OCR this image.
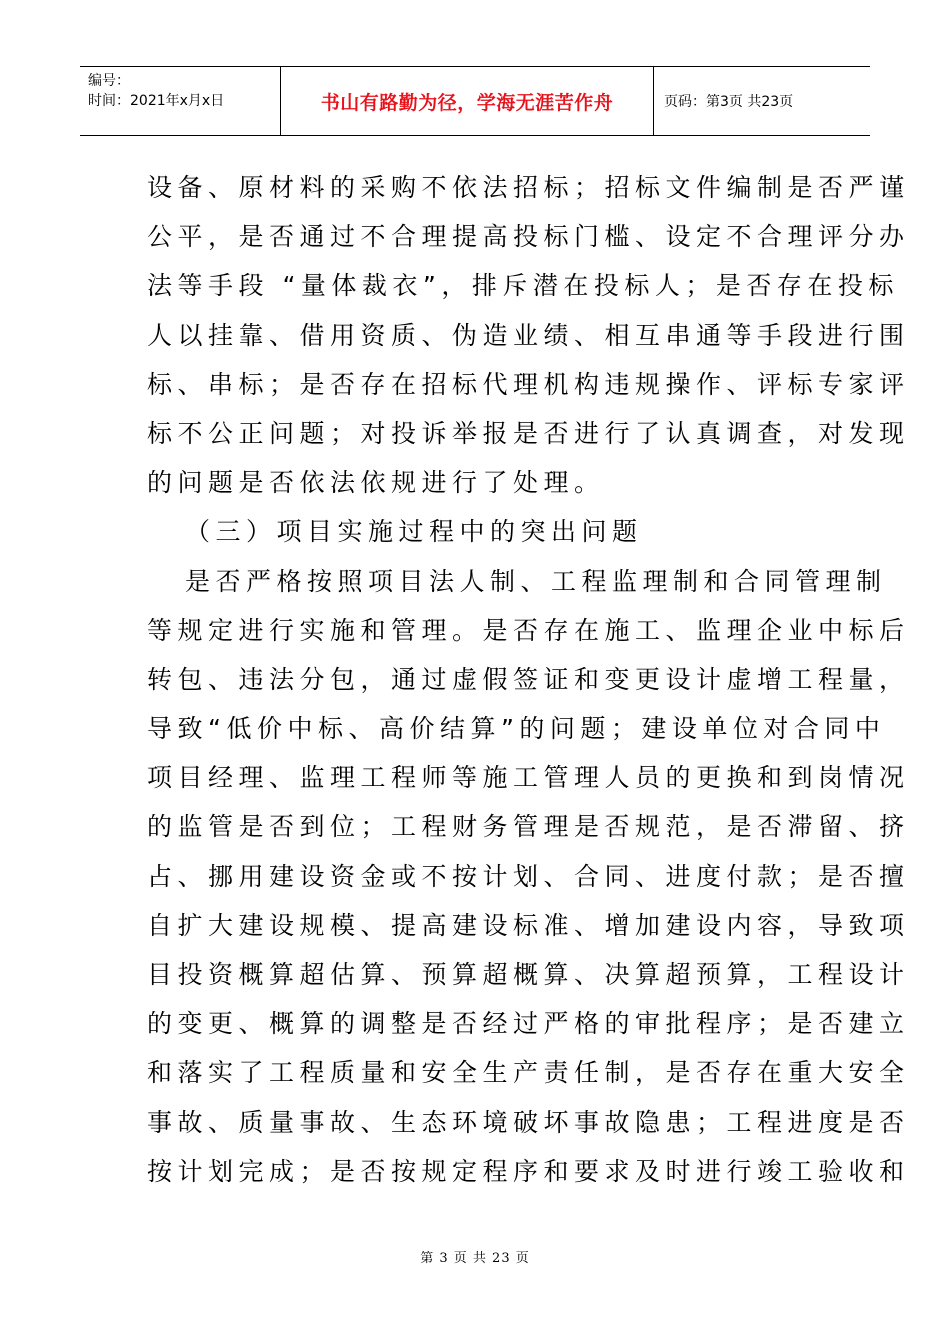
编号：
时间：2021年x月x日	书山有路勤为径，学海无涯苦作舟	页码：第3页 共23页
设备、原材料的采购不依法招标；招标文件编制是否严谨
公平，是否通过不合理提高投标门槛、设定不合理评分办
法等手段 “量体裁衣”，排斥潜在投标人；是否存在投标
人以挂靠、借用资质、伪造业绩、相互串通等手段进行围
标、串标；是否存在招标代理机构违规操作、评标专家评
标不公正问题；对投诉举报是否进行了认真调查，对发现
的问题是否依法依规进行了处理。
（三）项目实施过程中的突出问题
是否严格按照项目法人制、工程监理制和合同管理制
等规定进行实施和管理。是否存在施工、监理企业中标后
转包、违法分包，通过虚假签证和变更设计虚增工程量，
导致“低价中标、高价结算”的问题；建设单位对合同中
项目经理、监理工程师等施工管理人员的更换和到岗情况
的监管是否到位；工程财务管理是否规范，是否滞留、挤
占、挪用建设资金或不按计划、合同、进度付款；是否擅
自扩大建设规模、提高建设标准、增加建设内容，导致项
目投资概算超估算、预算超概算、决算超预算，工程设计
的变更、概算的调整是否经过严格的审批程序；是否建立
和落实了工程质量和安全生产责任制，是否存在重大安全
事故、质量事故、生态环境破坏事故隐患；工程进度是否
按计划完成；是否按规定程序和要求及时进行竣工验收和
第 3 页 共 23 页
